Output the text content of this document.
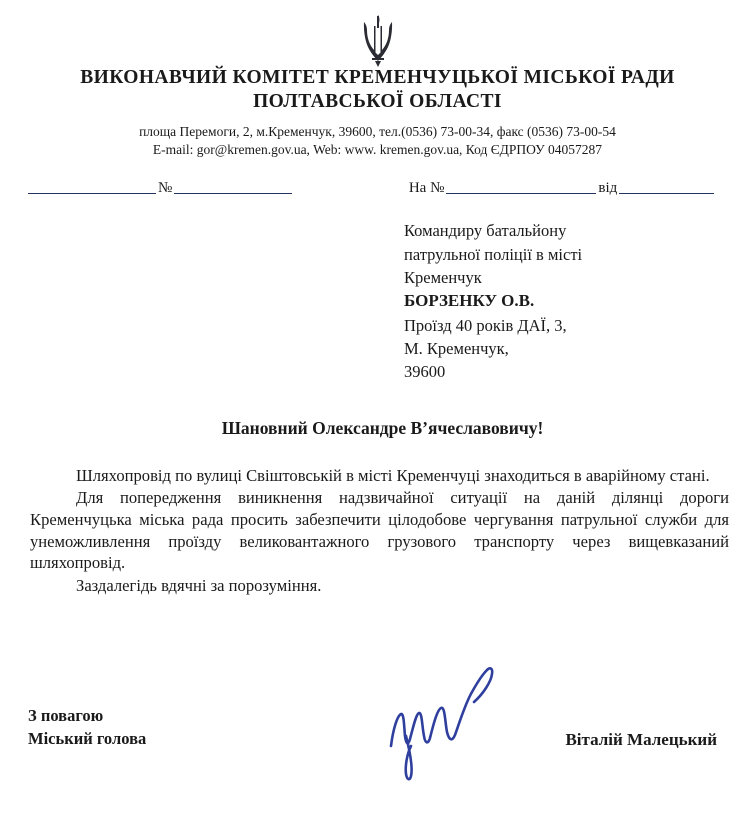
ВИКОНАВЧИЙ КОМІТЕТ КРЕМЕНЧУЦЬКОЇ МІСЬКОЇ РАДИ
ПОЛТАВСЬКОЇ ОБЛАСТІ
площа Перемоги, 2, м.Кременчук, 39600, тел.(0536) 73-00-34, факс (0536) 73-00-54
E-mail: gor@kremen.gov.ua, Web: www. kremen.gov.ua, Код ЄДРПОУ 04057287
№	На №	від
Командиру батальйону
патрульної поліції в місті
Кременчук
БОРЗЕНКУ О.В.
Проїзд 40 років ДАЇ, 3,
М. Кременчук,
39600
Шановний Олександре В’ячеславовичу!

Шляхопровід по вулиці Свіштовській в місті Кременчуці знаходиться в аварійному стані.

Для попередження виникнення надзвичайної ситуації на даній ділянці дороги Кременчуцька міська рада просить забезпечити цілодобове чергування патрульної служби для унеможливлення проїзду великовантажного грузового транспорту через вищевказаний шляхопровід.

Заздалегідь вдячні за порозуміння.

З повагою
Міський голова	Віталій Малецький
